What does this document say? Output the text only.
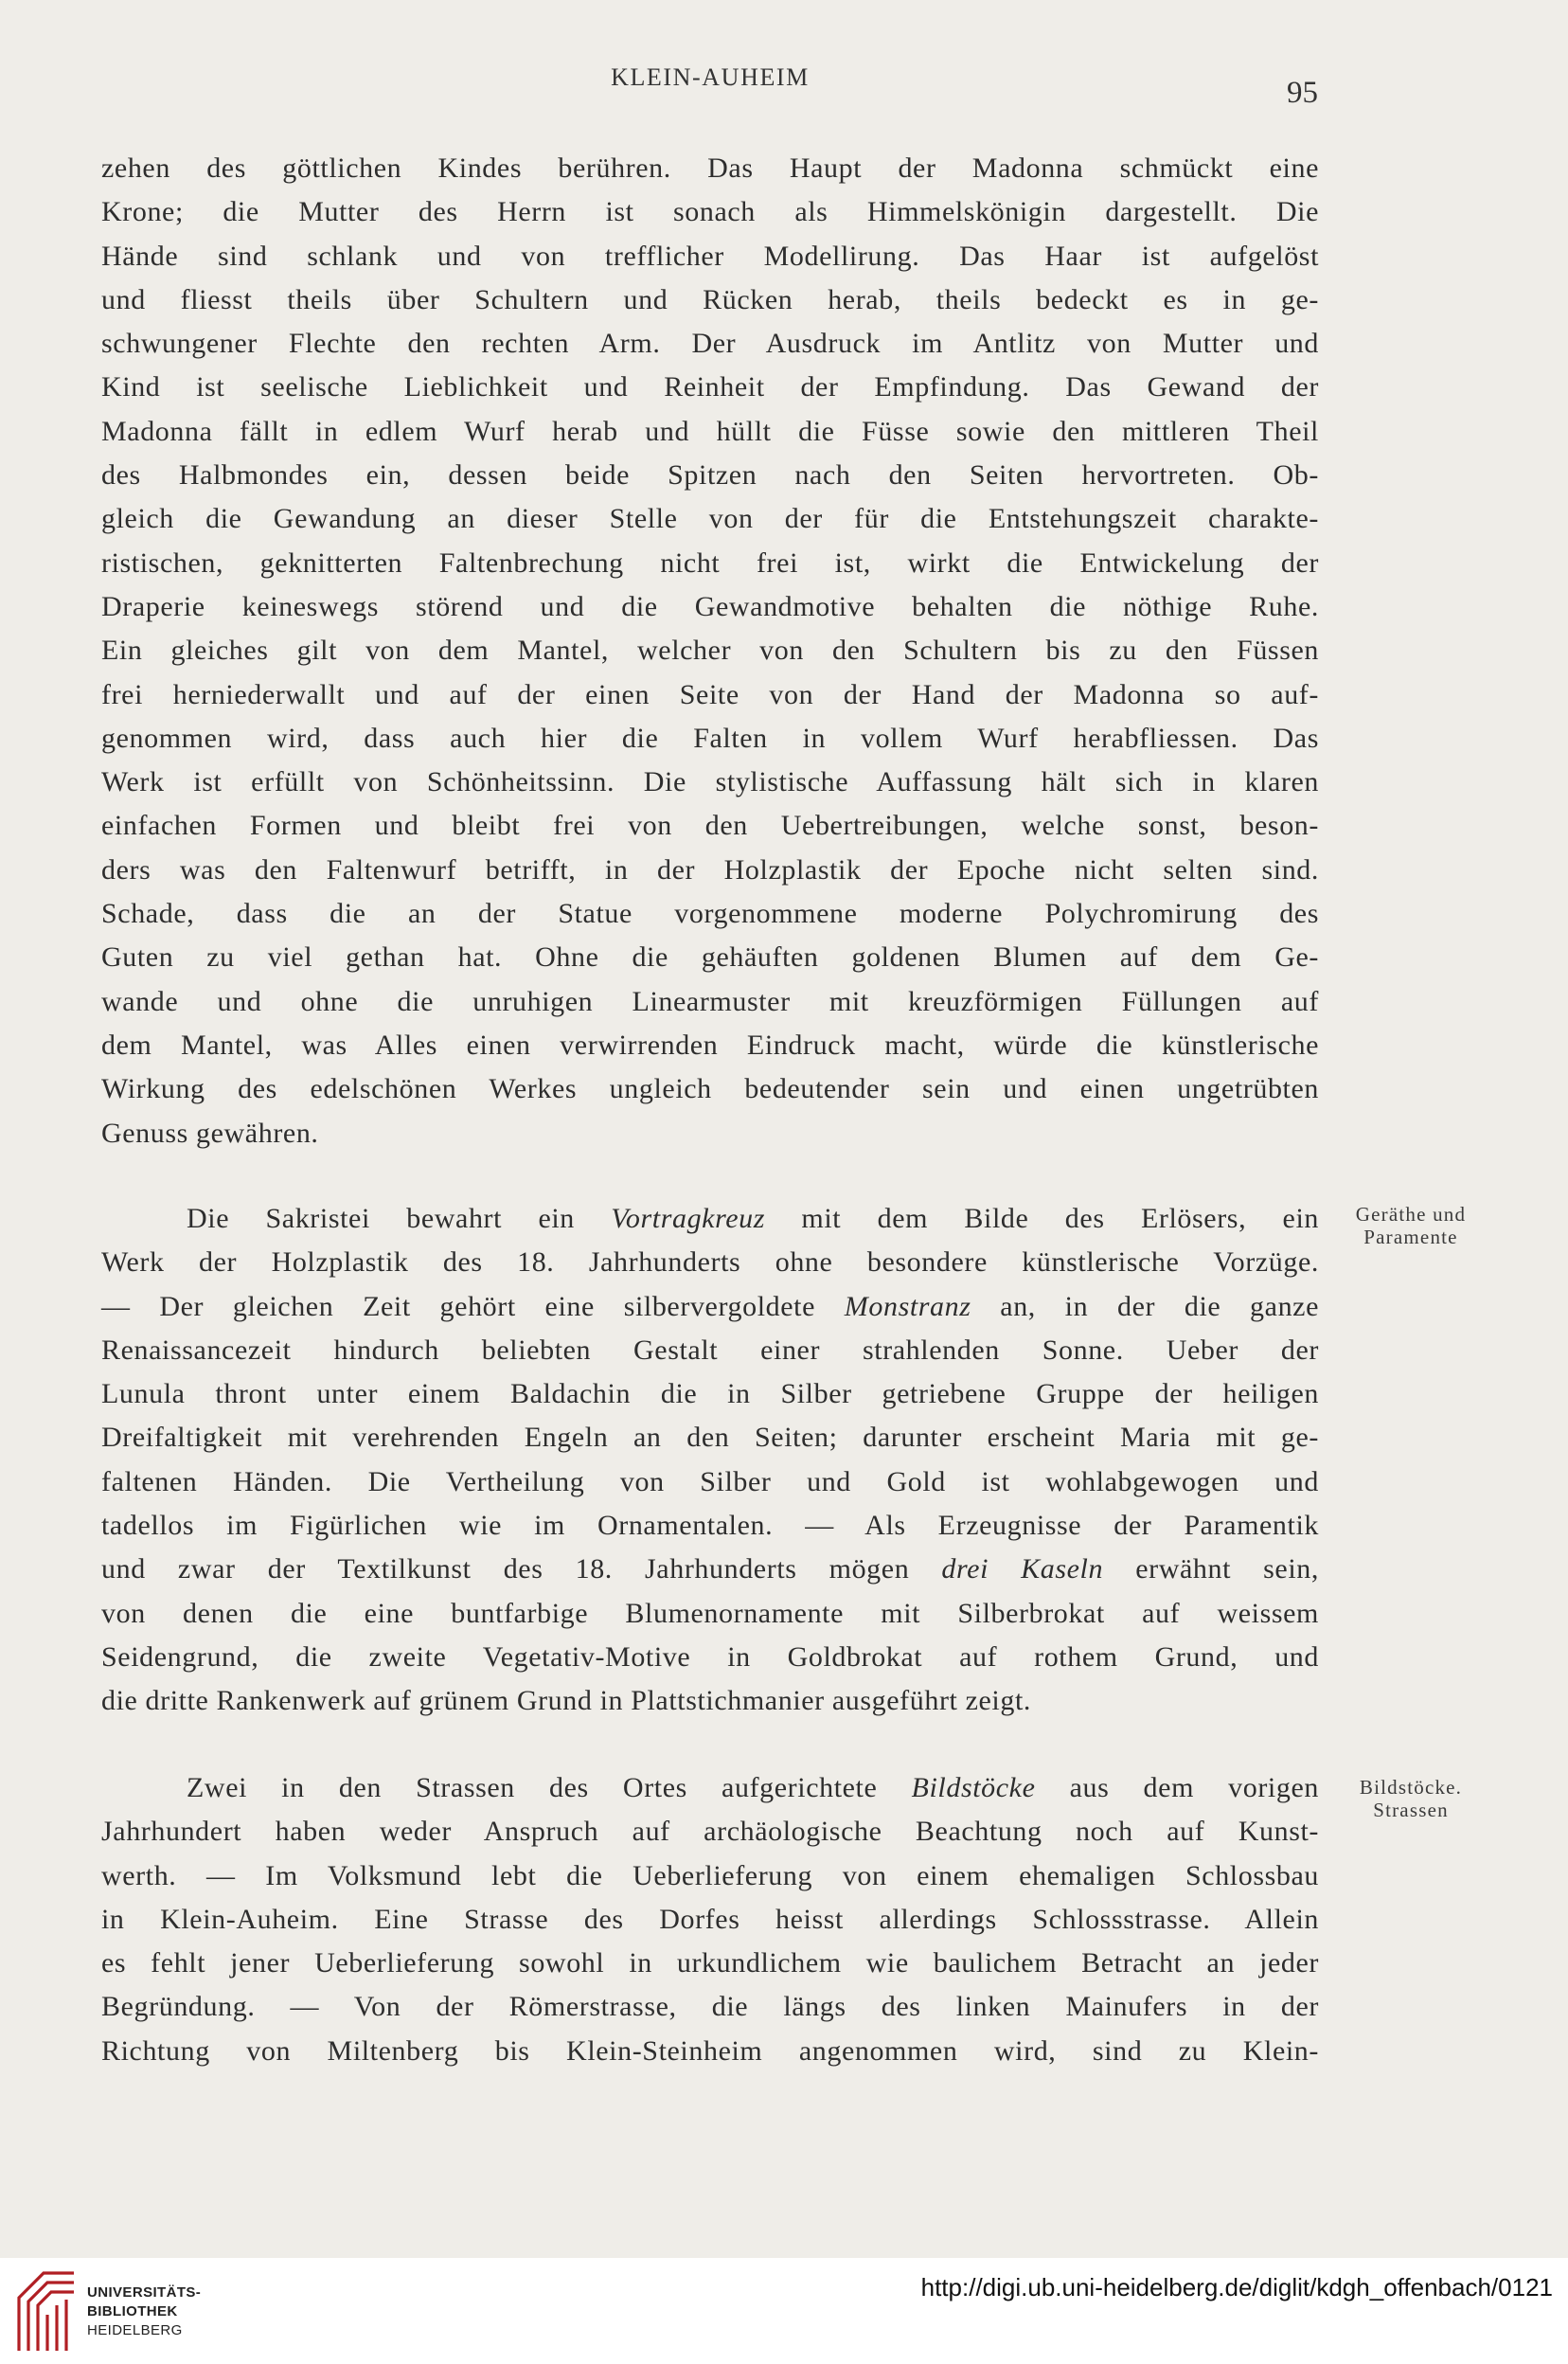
KLEIN-AUHEIM	95
zehen des göttlichen Kindes berühren. Das Haupt der Madonna schmückt eine
Krone; die Mutter des Herrn ist sonach als Himmelskönigin dargestellt. Die
Hände sind schlank und von trefflicher Modellirung. Das Haar ist aufgelöst
und fliesst theils über Schultern und Rücken herab, theils bedeckt es in ge-
schwungener Flechte den rechten Arm. Der Ausdruck im Antlitz von Mutter und
Kind ist seelische Lieblichkeit und Reinheit der Empfindung. Das Gewand der
Madonna fällt in edlem Wurf herab und hüllt die Füsse sowie den mittleren Theil
des Halbmondes ein, dessen beide Spitzen nach den Seiten hervortreten. Ob-
gleich die Gewandung an dieser Stelle von der für die Entstehungszeit charakte-
ristischen, geknitterten Faltenbrechung nicht frei ist, wirkt die Entwickelung der
Draperie keineswegs störend und die Gewandmotive behalten die nöthige Ruhe.
Ein gleiches gilt von dem Mantel, welcher von den Schultern bis zu den Füssen
frei herniederwallt und auf der einen Seite von der Hand der Madonna so auf-
genommen wird, dass auch hier die Falten in vollem Wurf herabfliessen. Das
Werk ist erfüllt von Schönheitssinn. Die stylistische Auffassung hält sich in klaren
einfachen Formen und bleibt frei von den Uebertreibungen, welche sonst, beson-
ders was den Faltenwurf betrifft, in der Holzplastik der Epoche nicht selten sind.
Schade, dass die an der Statue vorgenommene moderne Polychromirung des
Guten zu viel gethan hat. Ohne die gehäuften goldenen Blumen auf dem Ge-
wande und ohne die unruhigen Linearmuster mit kreuzförmigen Füllungen auf
dem Mantel, was Alles einen verwirrenden Eindruck macht, würde die künstlerische
Wirkung des edelschönen Werkes ungleich bedeutender sein und einen ungetrübten
Genuss gewähren.
Die Sakristei bewahrt ein Vortragkreuz mit dem Bilde des Erlösers, ein
Werk der Holzplastik des 18. Jahrhunderts ohne besondere künstlerische Vorzüge.
— Der gleichen Zeit gehört eine silbervergoldete Monstranz an, in der die ganze
Renaissancezeit hindurch beliebten Gestalt einer strahlenden Sonne. Ueber der
Lunula thront unter einem Baldachin die in Silber getriebene Gruppe der heiligen
Dreifaltigkeit mit verehrenden Engeln an den Seiten; darunter erscheint Maria mit ge-
faltenen Händen. Die Vertheilung von Silber und Gold ist wohlabgewogen und
tadellos im Figürlichen wie im Ornamentalen. — Als Erzeugnisse der Paramentik
und zwar der Textilkunst des 18. Jahrhunderts mögen drei Kaseln erwähnt sein,
von denen die eine buntfarbige Blumenornamente mit Silberbrokat auf weissem
Seidengrund, die zweite Vegetativ-Motive in Goldbrokat auf rothem Grund, und
die dritte Rankenwerk auf grünem Grund in Plattstichmanier ausgeführt zeigt.
Zwei in den Strassen des Ortes aufgerichtete Bildstöcke aus dem vorigen
Jahrhundert haben weder Anspruch auf archäologische Beachtung noch auf Kunst-
werth. — Im Volksmund lebt die Ueberlieferung von einem ehemaligen Schlossbau
in Klein-Auheim. Eine Strasse des Dorfes heisst allerdings Schlossstrasse. Allein
es fehlt jener Ueberlieferung sowohl in urkundlichem wie baulichem Betracht an jeder
Begründung. — Von der Römerstrasse, die längs des linken Mainufers in der
Richtung von Miltenberg bis Klein-Steinheim angenommen wird, sind zu Klein-
Geräthe und
Paramente
Bildstöcke.
Strassen
UNIVERSITÄTS-
BIBLIOTHEK
HEIDELBERG
http://digi.ub.uni-heidelberg.de/diglit/kdgh_offenbach/0121
